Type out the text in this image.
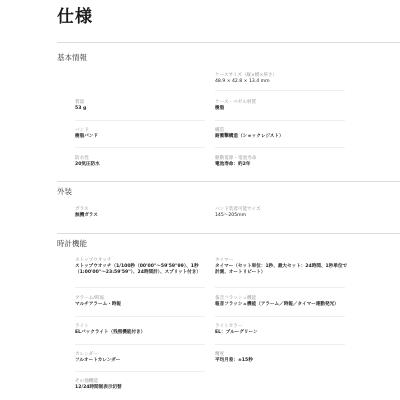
仕様
基本情報
ケースサイズ（縦×横×厚さ）
48.9 × 42.8 × 13.4 mm
質量
53 g
ケース・ベゼル材質
樹脂
バンド
樹脂バンド
構造
耐衝撃構造（ショックレジスト）
防水性
20気圧防水
駆動電源・電池寿命
電池寿命：約2年
外装
ガラス
無機ガラス
バンド装着可能サイズ
145〜205mm
時計機能
ストップウオッチ
ストップウオッチ（1/100秒（00'00"〜59'59"99）、1秒
（1:00'00"〜23:59'59"）、24時間計）、スプリット付き）
タイマー
タイマー（セット単位：1秒、最大セット：24時間、1秒単位で
計測、オートリピート）
アラーム/時報
マルチアラーム・時報
報音フラッシュ機能
報音フラッシュ機能（アラーム／時報／タイマー連動発光）
ライト
ELバックライト（残照機能付き）
ライトカラー
EL：ブルーグリーン
カレンダー
フルオートカレンダー
精度
平均月差：±15秒
その他機能
12/24時間制表示切替
